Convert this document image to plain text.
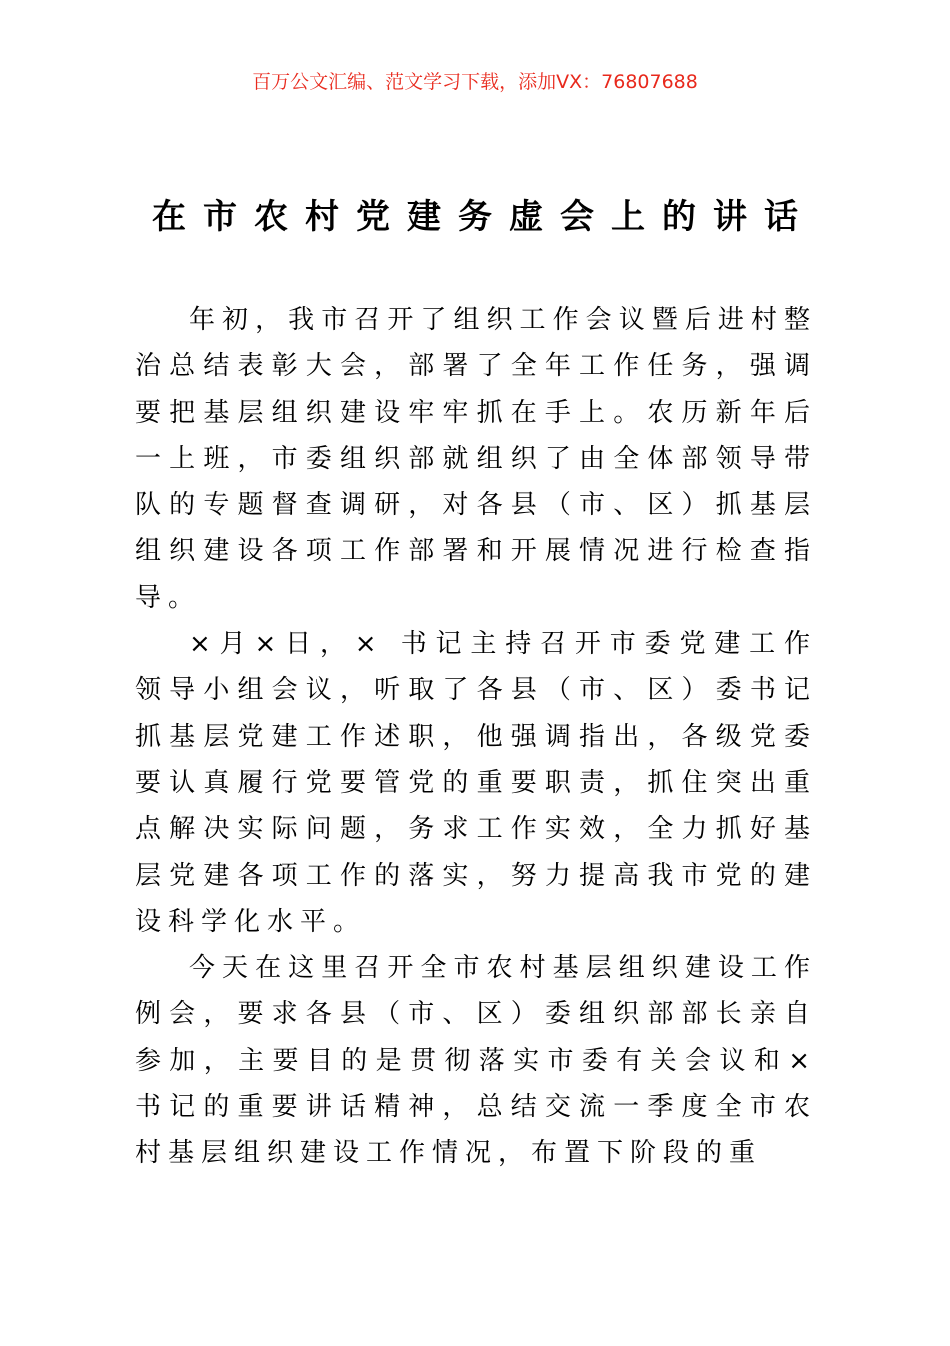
百万公文汇编、范文学习下载，添加VX：76807688
在市农村党建务虚会上的讲话

年初，我市召开了组织工作会议暨后进村整治总结表彰大会，部署了全年工作任务，强调要把基层组织建设牢牢抓在手上。农历新年后一上班，市委组织部就组织了由全体部领导带队的专题督查调研，对各县（市、区）抓基层组织建设各项工作部署和开展情况进行检查指导。

×月×日，× 书记主持召开市委党建工作领导小组会议，听取了各县（市、区）委书记抓基层党建工作述职，他强调指出，各级党委要认真履行党要管党的重要职责，抓住突出重点解决实际问题，务求工作实效，全力抓好基层党建各项工作的落实，努力提高我市党的建设科学化水平。

今天在这里召开全市农村基层组织建设工作例会，要求各县（市、区）委组织部部长亲自参加，主要目的是贯彻落实市委有关会议和×书记的重要讲话精神，总结交流一季度全市农村基层组织建设工作情况，布置下阶段的重
